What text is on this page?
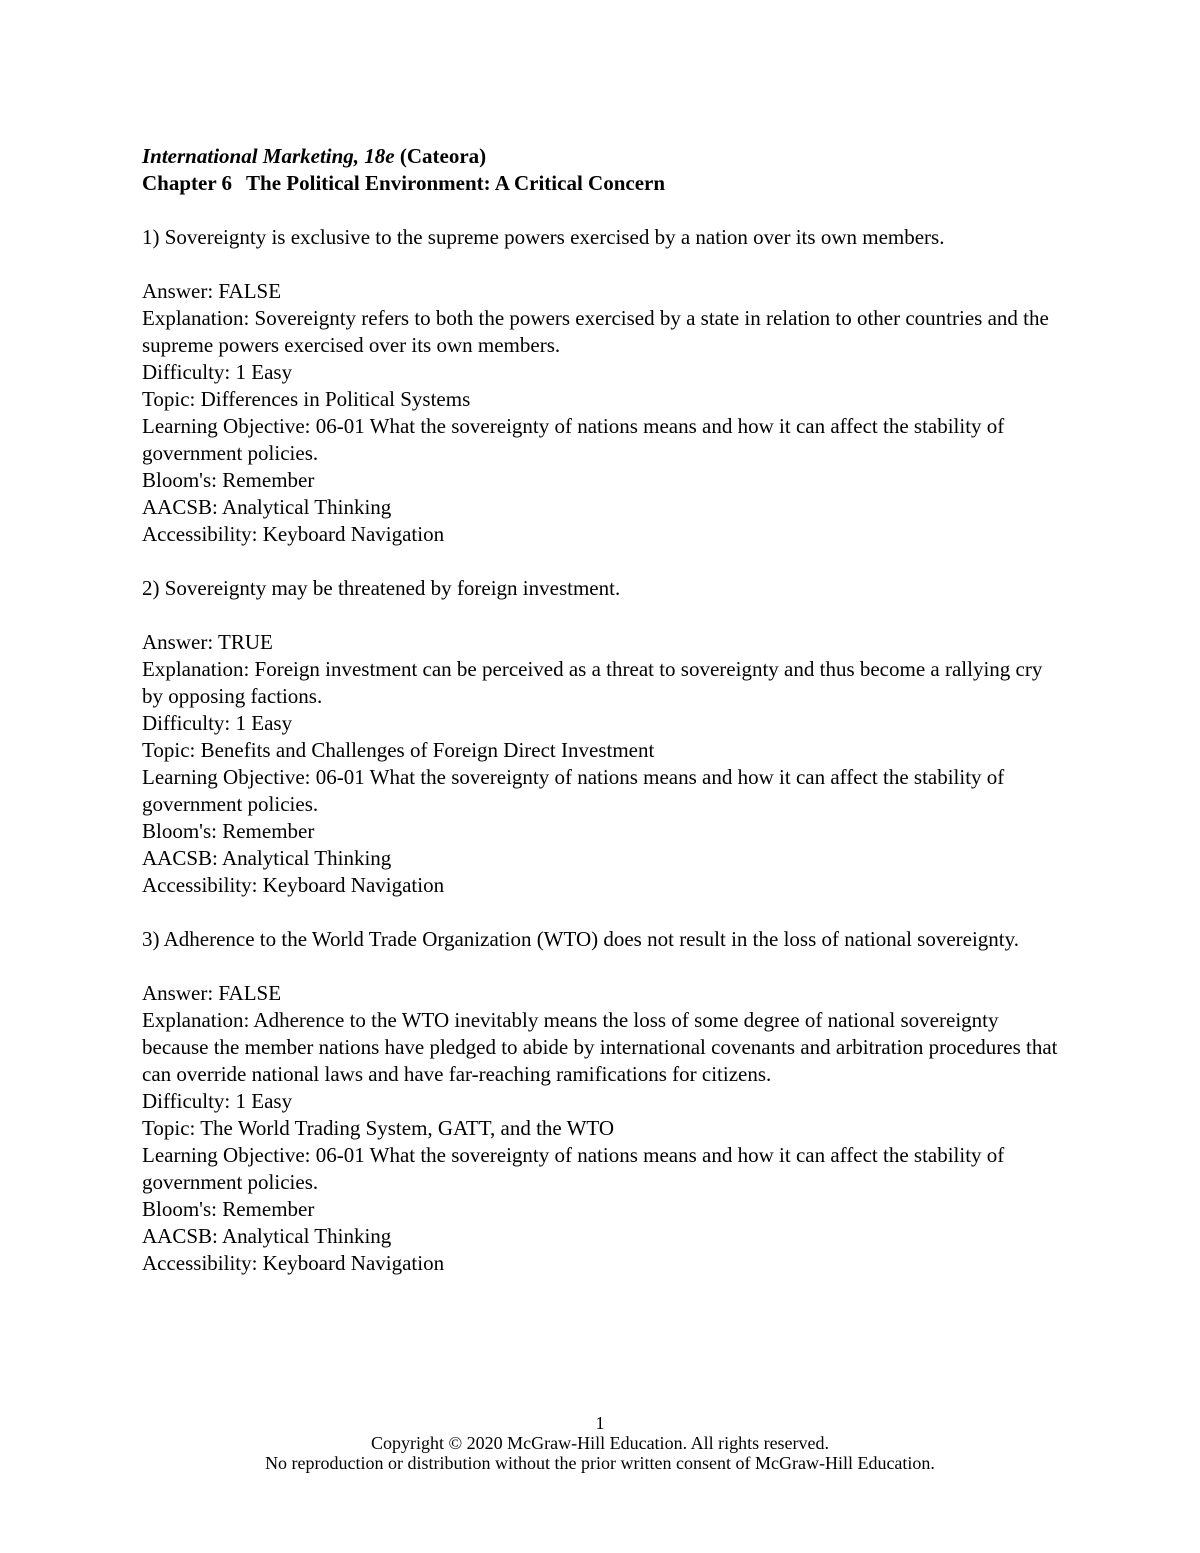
International Marketing, 18e (Cateora)

Chapter 6 The Political Environment: A Critical Concern

1) Sovereignty is exclusive to the supreme powers exercised by a nation over its own members.

Answer: FALSE

Explanation: Sovereignty refers to both the powers exercised by a state in relation to other countries and the supreme powers exercised over its own members.

Difficulty: 1 Easy

Topic: Differences in Political Systems

Learning Objective: 06-01 What the sovereignty of nations means and how it can affect the stability of government policies.

Bloom's: Remember

AACSB: Analytical Thinking

Accessibility: Keyboard Navigation

2) Sovereignty may be threatened by foreign investment.

Answer: TRUE

Explanation: Foreign investment can be perceived as a threat to sovereignty and thus become a rallying cry by opposing factions.

Difficulty: 1 Easy

Topic: Benefits and Challenges of Foreign Direct Investment

Learning Objective: 06-01 What the sovereignty of nations means and how it can affect the stability of government policies.

Bloom's: Remember

AACSB: Analytical Thinking

Accessibility: Keyboard Navigation

3) Adherence to the World Trade Organization (WTO) does not result in the loss of national sovereignty.

Answer: FALSE

Explanation: Adherence to the WTO inevitably means the loss of some degree of national sovereignty because the member nations have pledged to abide by international covenants and arbitration procedures that can override national laws and have far-reaching ramifications for citizens.

Difficulty: 1 Easy

Topic: The World Trading System, GATT, and the WTO

Learning Objective: 06-01 What the sovereignty of nations means and how it can affect the stability of government policies.

Bloom's: Remember

AACSB: Analytical Thinking

Accessibility: Keyboard Navigation

1

Copyright © 2020 McGraw-Hill Education. All rights reserved.

No reproduction or distribution without the prior written consent of McGraw-Hill Education.
